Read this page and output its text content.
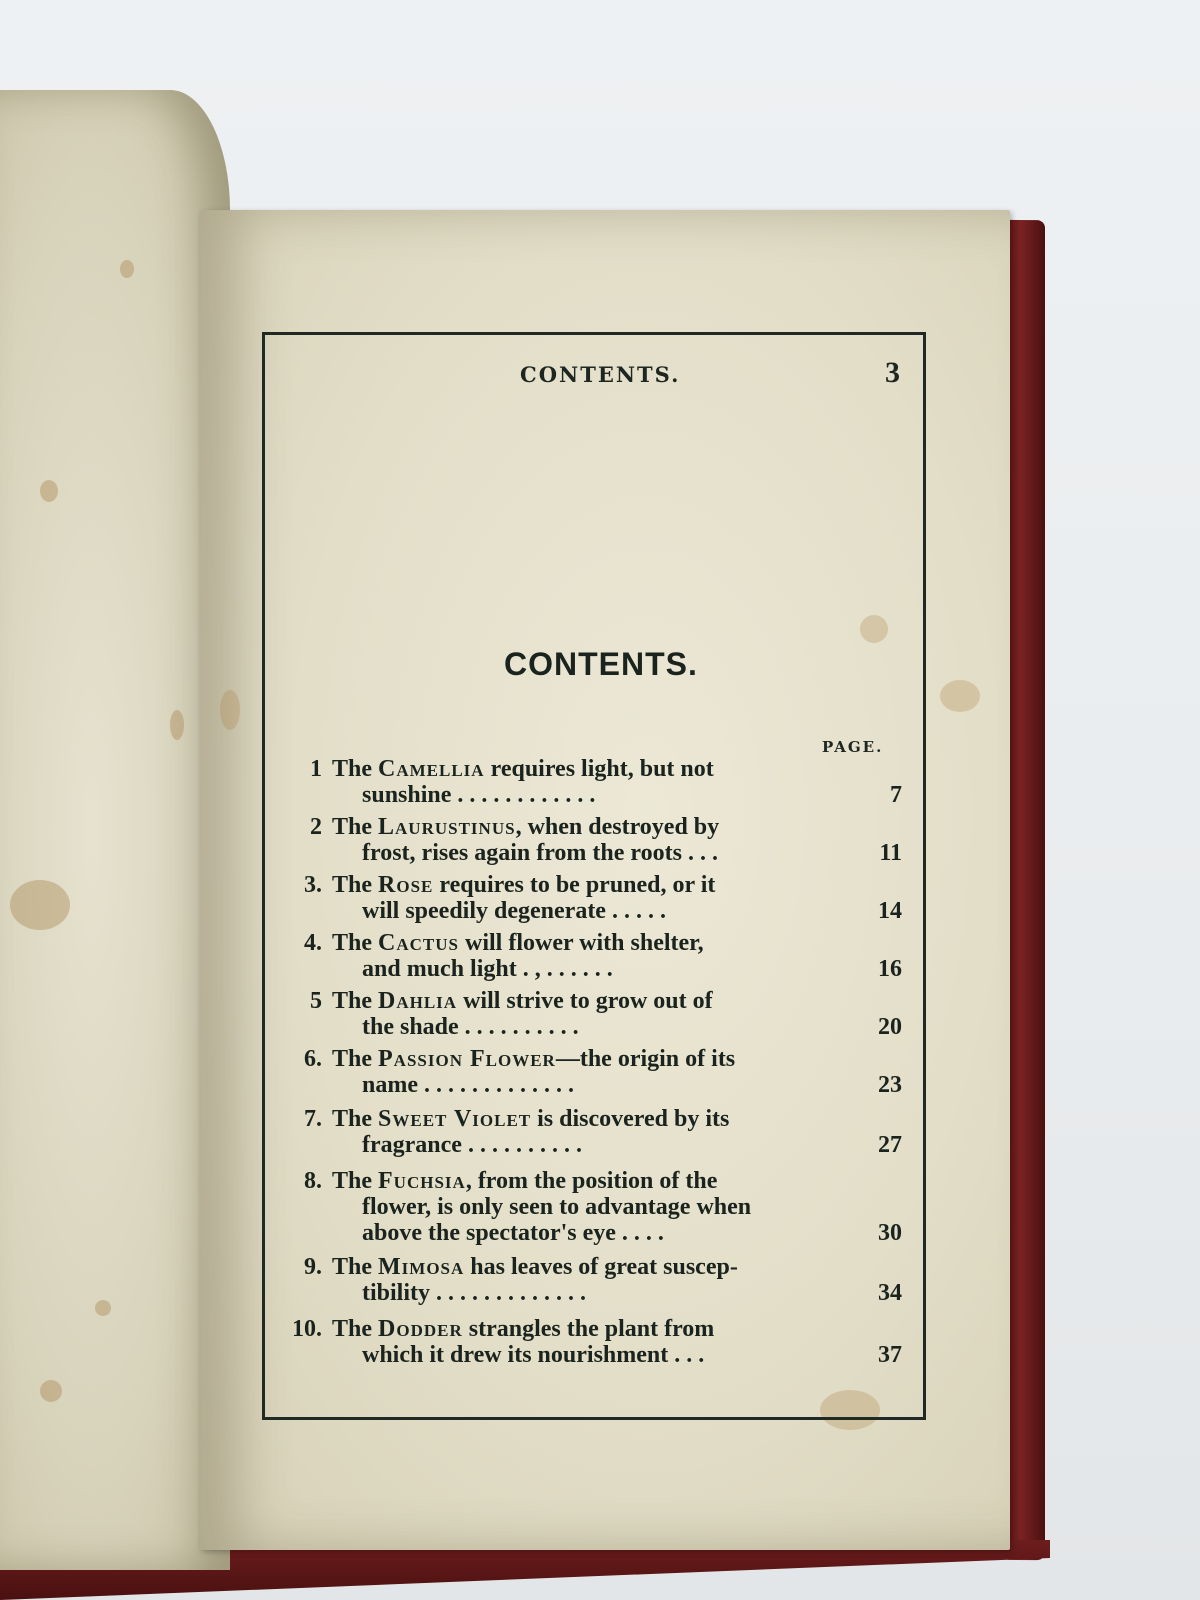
CONTENTS.	3
CONTENTS.
PAGE.
1 The Camellia requires light, but not
sunshine . . . . . . . . . . . .	7
2 The Laurustinus, when destroyed by
frost, rises again from the roots . . .	11
3. The Rose requires to be pruned, or it
will speedily degenerate . . . . .	14
4. The Cactus will flower with shelter,
and much light . , . . . . . .	16
5 The Dahlia will strive to grow out of
the shade . . . . . . . . . .	20
6. The Passion Flower—the origin of its
name . . . . . . . . . . . . .	23
7. The Sweet Violet is discovered by its
fragrance . . . . . . . . . .	27
8. The Fuchsia, from the position of the
flower, is only seen to advantage when
above the spectator's eye . . . .	30
9. The Mimosa has leaves of great suscep-
tibility . . . . . . . . . . . . .	34
10. The Dodder strangles the plant from
which it drew its nourishment . . .	37
